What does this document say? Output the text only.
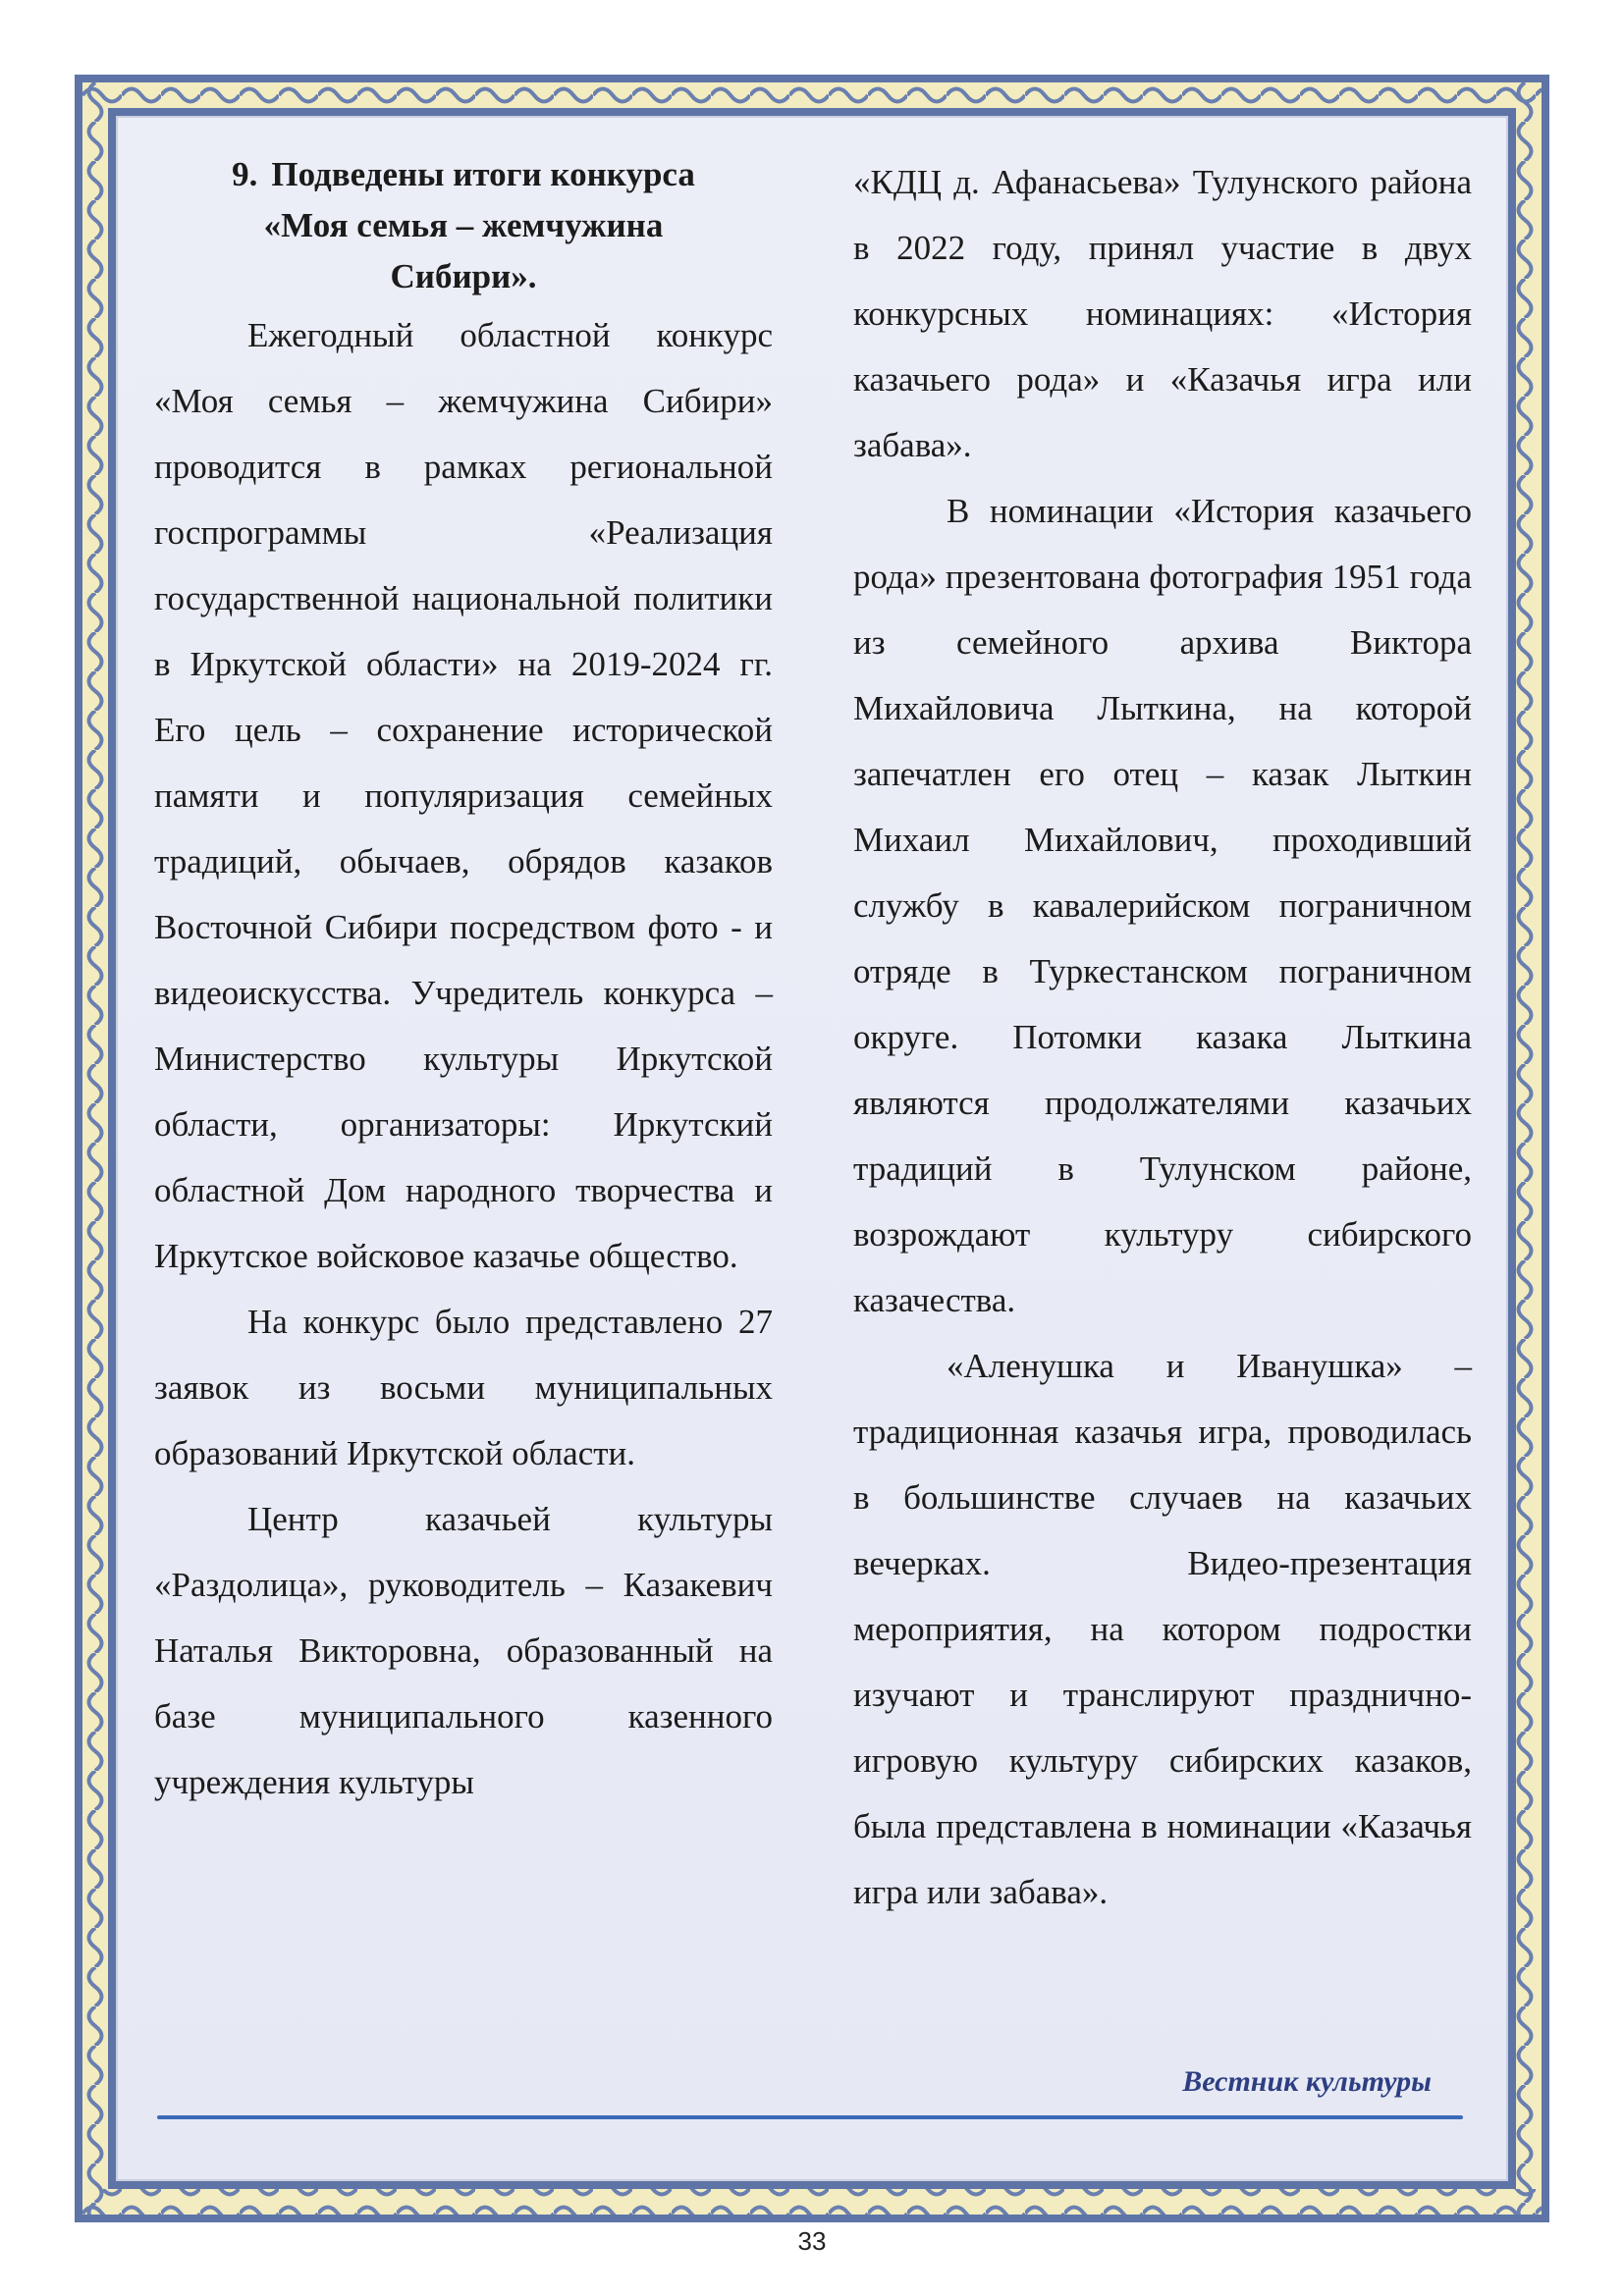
9. Подведены итоги конкурса
«Моя семья – жемчужина
Сибири».

Ежегодный областной конкурс «Моя семья – жемчужина Сибири» проводится в рамках региональной госпрограммы «Реализация государственной национальной политики в Иркутской области» на 2019-2024 гг. Его цель – сохранение исторической памяти и популяризация семейных традиций, обычаев, обрядов казаков Восточной Сибири посредством фото - и видеоискусства. Учредитель конкурса – Министерство культуры Иркутской области, организаторы: Иркутский областной Дом народного творчества и Иркутское войсковое казачье общество.

На конкурс было представлено 27 заявок из восьми муниципальных образований Иркутской области.

Центр казачьей культуры «Раздолица», руководитель – Казакевич Наталья Викторовна, образованный на базе муниципального казенного учреждения культуры

«КДЦ д. Афанасьева» Тулунского района в 2022 году, принял участие в двух конкурсных номинациях: «История казачьего рода» и «Казачья игра или забава».

В номинации «История казачьего рода» презентована фотография 1951 года из семейного архива Виктора Михайловича Лыткина, на которой запечатлен его отец – казак Лыткин Михаил Михайлович, проходивший службу в кавалерийском пограничном отряде в Туркестанском пограничном округе. Потомки казака Лыткина являются продолжателями казачьих традиций в Тулунском районе, возрождают культуру сибирского казачества.

«Аленушка и Иванушка» – традиционная казачья игра, проводилась в большинстве случаев на казачьих вечерках. Видео-презентация мероприятия, на котором подростки изучают и транслируют празднично-игровую культуру сибирских казаков, была представлена в номинации «Казачья игра или забава».

Вестник культуры
33
